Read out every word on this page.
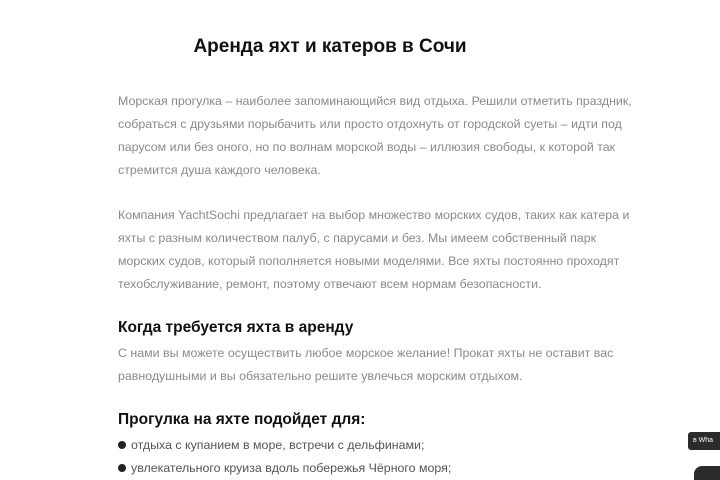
Аренда яхт и катеров в Сочи

Морская прогулка – наиболее запоминающийся вид отдыха. Решили отметить праздник, собраться с друзьями порыбачить или просто отдохнуть от городской суеты – идти под парусом или без оного, но по волнам морской воды – иллюзия свободы, к которой так стремится душа каждого человека.

Компания YachtSochi предлагает на выбор множество морских судов, таких как катера и яхты с разным количеством палуб, с парусами и без. Мы имеем собственный парк морских судов, который пополняется новыми моделями. Все яхты постоянно проходят техобслуживание, ремонт, поэтому отвечают всем нормам безопасности.

Когда требуется яхта в аренду

С нами вы можете осуществить любое морское желание! Прокат яхты не оставит вас равнодушными и вы обязательно решите увлечься морским отдыхом.

Прогулка на яхте подойдет для:
отдыха с купанием в море, встречи с дельфинами;
увлекательного круиза вдоль побережья Чёрного моря;
в Wha
